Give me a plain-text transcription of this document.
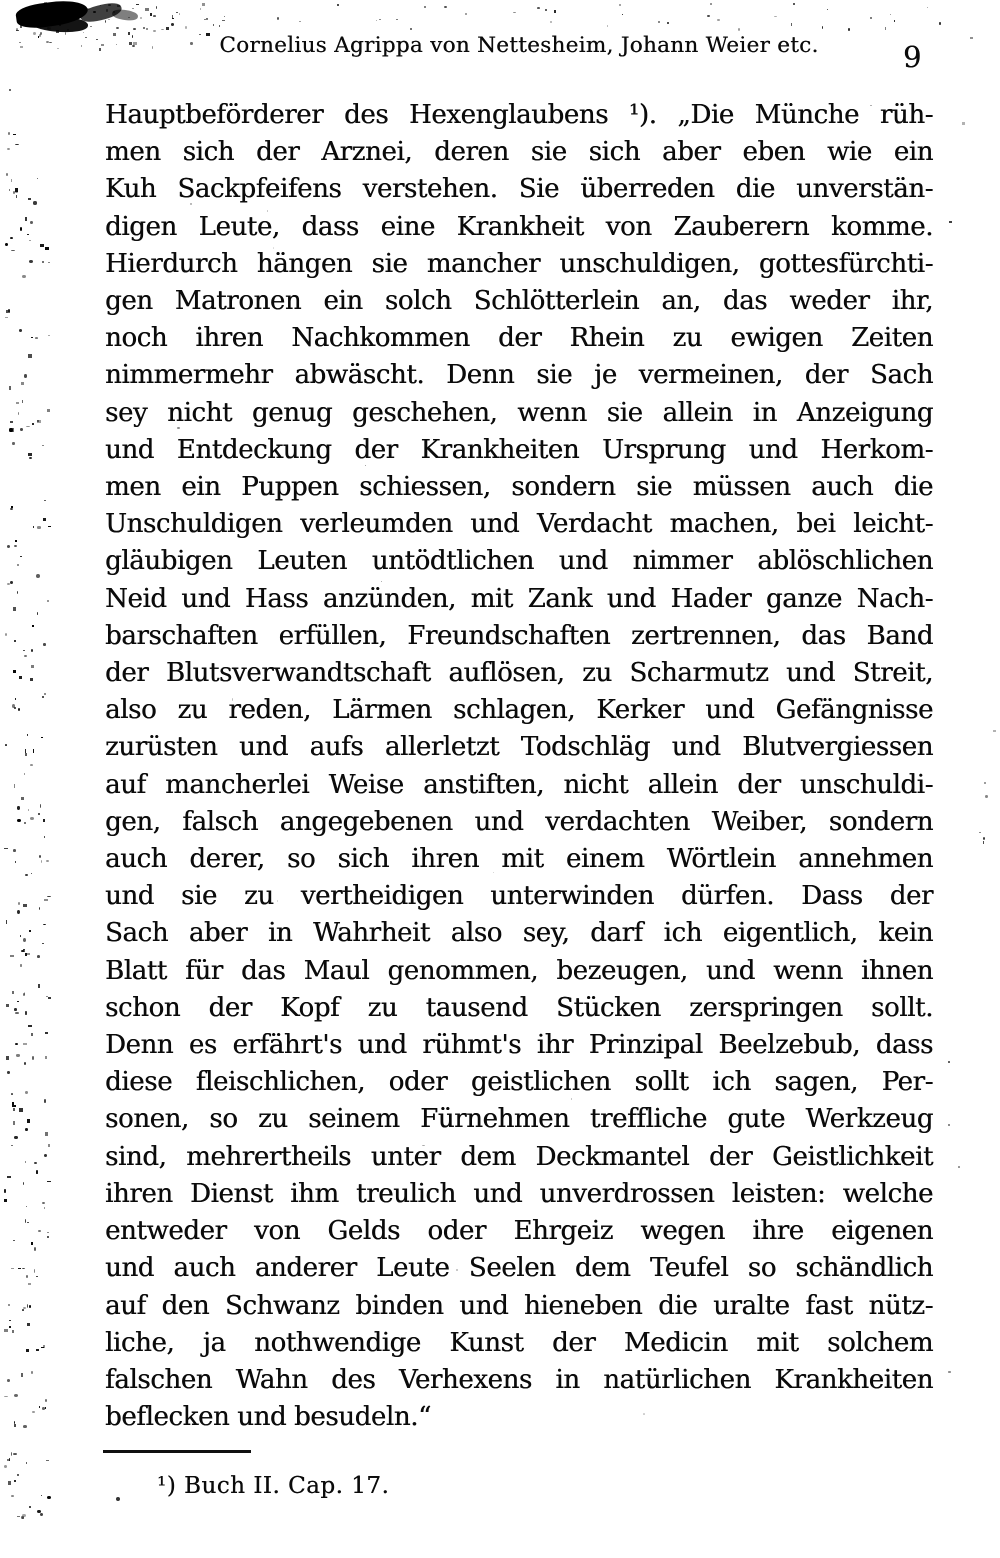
Cornelius Agrippa von Nettesheim, Johann Weier etc.	9
Hauptbeförderer des Hexenglaubens ¹). „Die Münche rüh-
men sich der Arznei, deren sie sich aber eben wie ein
Kuh Sackpfeifens verstehen. Sie überreden die unverstän-
digen Leute, dass eine Krankheit von Zauberern komme.
Hierdurch hängen sie mancher unschuldigen, gottesfürchti-
gen Matronen ein solch Schlötterlein an, das weder ihr,
noch ihren Nachkommen der Rhein zu ewigen Zeiten
nimmermehr abwäscht. Denn sie je vermeinen, der Sach
sey nicht genug geschehen, wenn sie allein in Anzeigung
und Entdeckung der Krankheiten Ursprung und Herkom-
men ein Puppen schiessen, sondern sie müssen auch die
Unschuldigen verleumden und Verdacht machen, bei leicht-
gläubigen Leuten untödtlichen und nimmer ablöschlichen
Neid und Hass anzünden, mit Zank und Hader ganze Nach-
barschaften erfüllen, Freundschaften zertrennen, das Band
der Blutsverwandtschaft auflösen, zu Scharmutz und Streit,
also zu reden, Lärmen schlagen, Kerker und Gefängnisse
zurüsten und aufs allerletzt Todschläg und Blutvergiessen
auf mancherlei Weise anstiften, nicht allein der unschuldi-
gen, falsch angegebenen und verdachten Weiber, sondern
auch derer, so sich ihren mit einem Wörtlein annehmen
und sie zu vertheidigen unterwinden dürfen. Dass der
Sach aber in Wahrheit also sey, darf ich eigentlich, kein
Blatt für das Maul genommen, bezeugen, und wenn ihnen
schon der Kopf zu tausend Stücken zerspringen sollt.
Denn es erfährt's und rühmt's ihr Prinzipal Beelzebub, dass
diese fleischlichen, oder geistlichen sollt ich sagen, Per-
sonen, so zu seinem Fürnehmen treffliche gute Werkzeug
sind, mehrertheils unter dem Deckmantel der Geistlichkeit
ihren Dienst ihm treulich und unverdrossen leisten: welche
entweder von Gelds oder Ehrgeiz wegen ihre eigenen
und auch anderer Leute Seelen dem Teufel so schändlich
auf den Schwanz binden und hieneben die uralte fast nütz-
liche, ja nothwendige Kunst der Medicin mit solchem
falschen Wahn des Verhexens in natürlichen Krankheiten
beflecken und besudeln.“
¹) Buch II. Cap. 17.
